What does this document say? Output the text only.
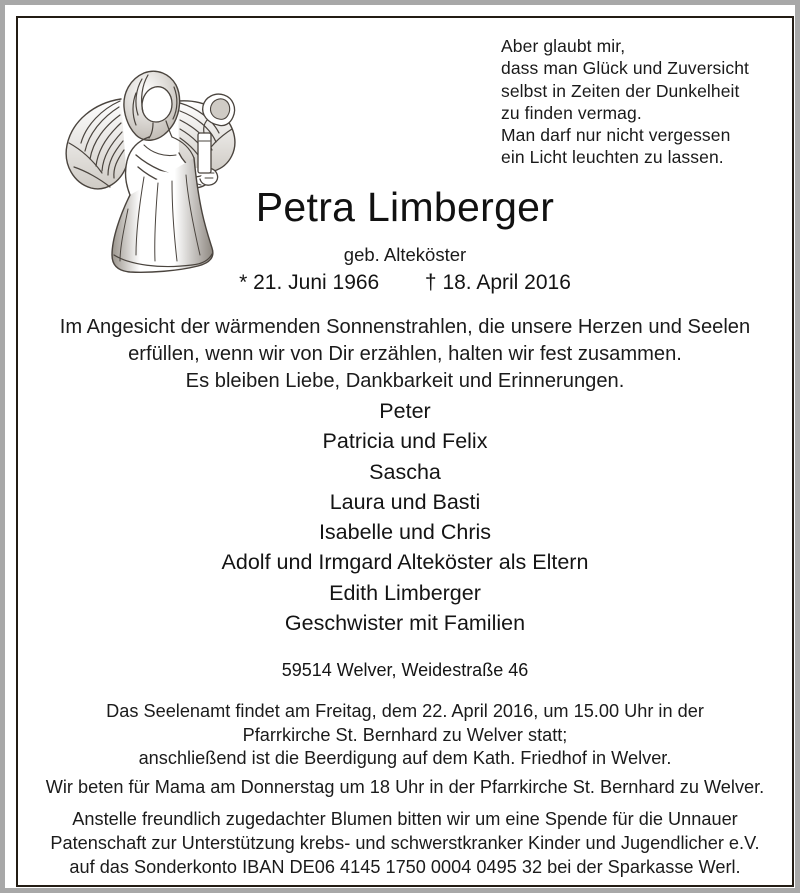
Aber glaubt mir,
dass man Glück und Zuversicht
selbst in Zeiten der Dunkelheit
zu finden vermag.
Man darf nur nicht vergessen
ein Licht leuchten zu lassen.
Petra Limberger
geb. Alteköster
* 21. Juni 1966 † 18. April 2016
Im Angesicht der wärmenden Sonnenstrahlen, die unsere Herzen und Seelen
erfüllen, wenn wir von Dir erzählen, halten wir fest zusammen.
Es bleiben Liebe, Dankbarkeit und Erinnerungen.
Peter
Patricia und Felix
Sascha
Laura und Basti
Isabelle und Chris
Adolf und Irmgard Alteköster als Eltern
Edith Limberger
Geschwister mit Familien
59514 Welver, Weidestraße 46
Das Seelenamt findet am Freitag, dem 22. April 2016, um 15.00 Uhr in der
Pfarrkirche St. Bernhard zu Welver statt;
anschließend ist die Beerdigung auf dem Kath. Friedhof in Welver.
Wir beten für Mama am Donnerstag um 18 Uhr in der Pfarrkirche St. Bernhard zu Welver.
Anstelle freundlich zugedachter Blumen bitten wir um eine Spende für die Unnauer
Patenschaft zur Unterstützung krebs- und schwerstkranker Kinder und Jugendlicher e.V.
auf das Sonderkonto IBAN DE06 4145 1750 0004 0495 32 bei der Sparkasse Werl.
